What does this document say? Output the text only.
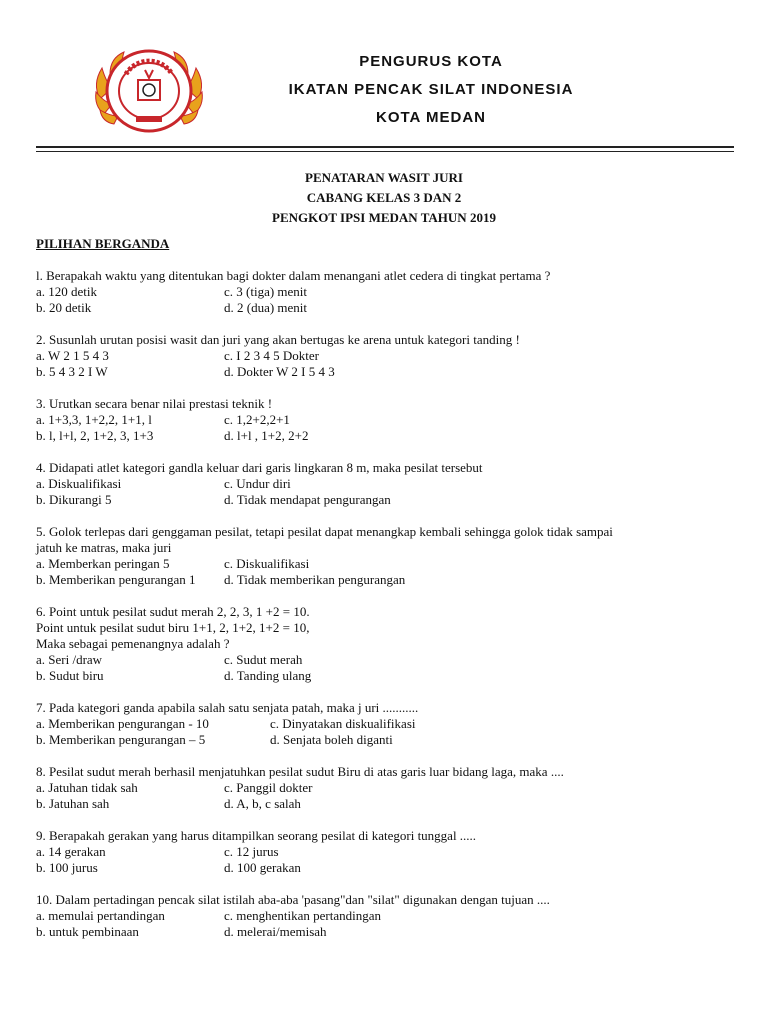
PENGURUS KOTA
IKATAN PENCAK SILAT INDONESIA
KOTA MEDAN
PENATARAN WASIT JURI
CABANG KELAS 3 DAN 2
PENGKOT IPSI MEDAN TAHUN 2019
PILIHAN BERGANDA
l. Berapakah waktu yang ditentukan bagi dokter dalam menangani atlet cedera di tingkat pertama ?
a. 120 detik	c. 3 (tiga) menit
b. 20 detik	d. 2 (dua) menit
2. Susunlah urutan posisi wasit dan juri yang akan bertugas ke arena untuk kategori tanding !
a. W 2 1 5 4 3	c. I 2 3 4 5 Dokter
b. 5 4 3 2 I W	d. Dokter W 2 I 5 4 3
3. Urutkan secara benar nilai prestasi teknik !
a. 1+3,3, 1+2,2, 1+1, l	c. 1,2+2,2+1
b. l, l+l, 2, 1+2, 3, 1+3	d. l+l , 1+2, 2+2
4. Didapati atlet kategori gandla keluar dari garis lingkaran 8 m, maka pesilat tersebut
a. Diskualifikasi	c. Undur diri
b. Dikurangi 5	d. Tidak mendapat pengurangan
5. Golok terlepas dari genggaman pesilat, tetapi pesilat dapat menangkap kembali sehingga golok tidak sampai
jatuh ke matras, maka juri
a. Memberkan peringan 5	c. Diskualifikasi
b. Memberikan pengurangan 1	d. Tidak memberikan pengurangan
6. Point untuk pesilat sudut merah 2, 2, 3, 1 +2 = 10.
Point untuk pesilat sudut biru 1+1, 2, 1+2, 1+2 = 10,
Maka sebagai pemenangnya adalah ?
a. Seri /draw	c. Sudut merah
b. Sudut biru	d. Tanding ulang
7. Pada kategori ganda apabila salah satu senjata patah, maka j uri ...........
a. Memberikan pengurangan - 10	c. Dinyatakan diskualifikasi
b. Memberikan pengurangan – 5	d. Senjata boleh diganti
8. Pesilat sudut merah berhasil menjatuhkan pesilat sudut Biru di atas garis luar bidang laga, maka ....
a. Jatuhan tidak sah	c. Panggil dokter
b. Jatuhan sah	d. A, b, c salah
9. Berapakah gerakan yang harus ditampilkan seorang pesilat di kategori tunggal .....
a. 14 gerakan	c. 12 jurus
b. 100 jurus	d. 100 gerakan
10. Dalam pertadingan pencak silat istilah aba-aba 'pasang"dan "silat" digunakan dengan tujuan ....
a. memulai pertandingan	c. menghentikan pertandingan
b. untuk pembinaan	d. melerai/memisah
